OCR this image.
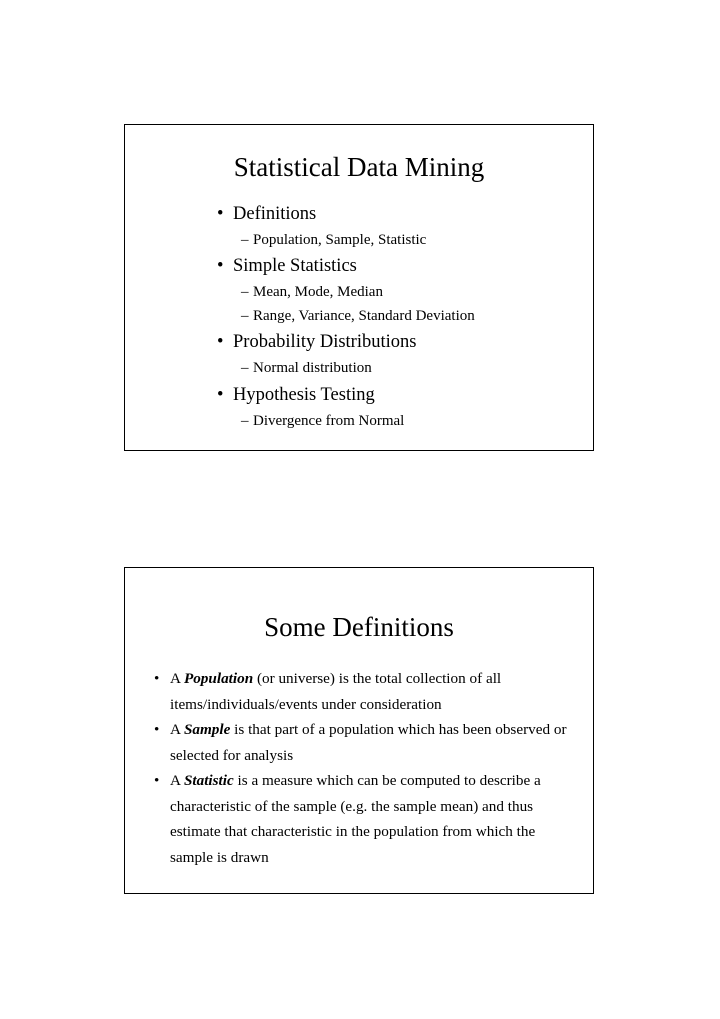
Statistical Data Mining
• Definitions
– Population, Sample, Statistic
• Simple Statistics
– Mean, Mode, Median
– Range, Variance, Standard Deviation
• Probability Distributions
– Normal distribution
• Hypothesis Testing
– Divergence from Normal
Some Definitions
• A Population (or universe) is the total collection of all items/individuals/events under consideration
• A Sample is that part of a population which has been observed or selected for analysis
• A Statistic is a measure which can be computed to describe a characteristic of the sample (e.g. the sample mean) and thus estimate that characteristic in the population from which the sample is drawn
